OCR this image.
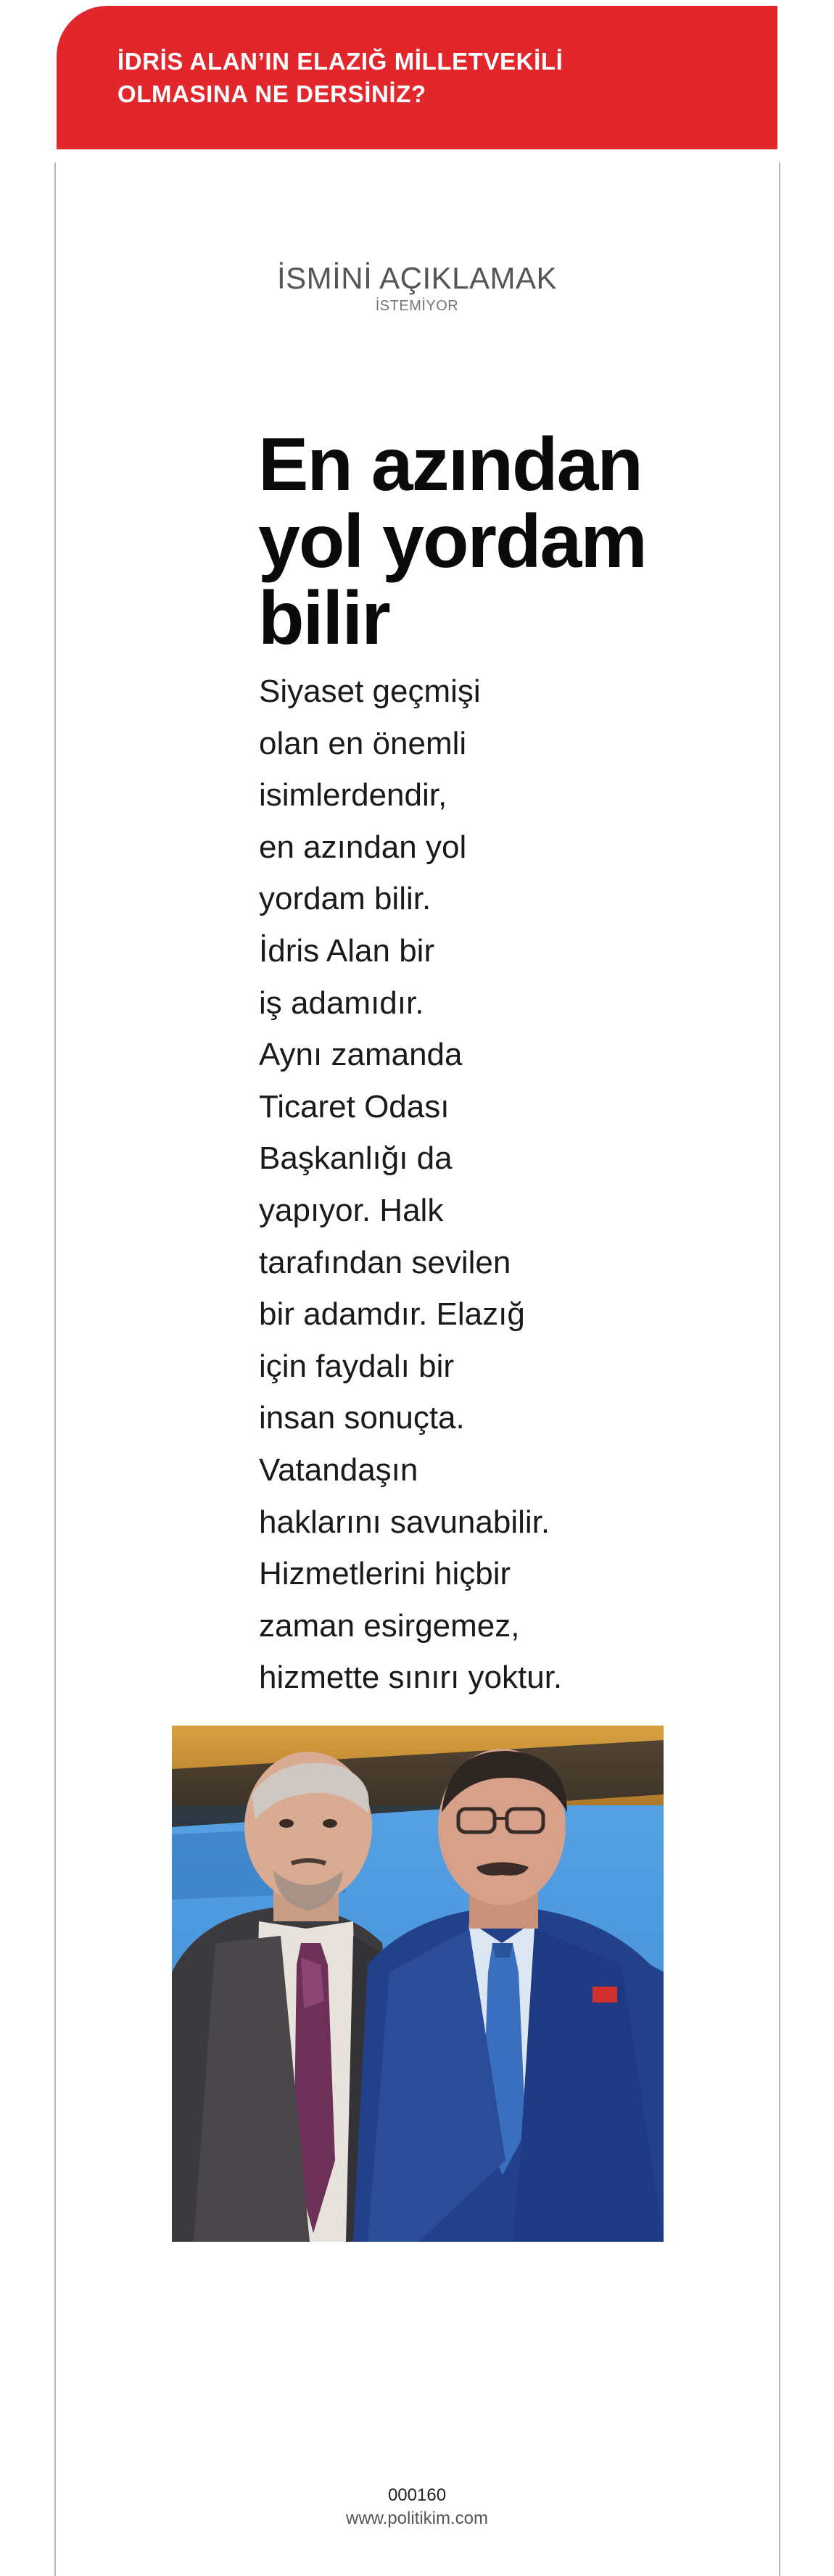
İDRİS ALAN’IN ELAZIĞ MİLLETVEKİLİ
OLMASINA NE DERSİNİZ?
İSMİNİ AÇIKLAMAK
İSTEMİYOR
En azından
yol yordam
bilir
Siyaset geçmişi
olan en önemli
isimlerdendir,
en azından yol
yordam bilir.
İdris Alan bir
iş adamıdır.
Aynı zamanda
Ticaret Odası
Başkanlığı da
yapıyor. Halk
tarafından sevilen
bir adamdır. Elazığ
için faydalı bir
insan sonuçta.
Vatandaşın
haklarını savunabilir.
Hizmetlerini hiçbir
zaman esirgemez,
hizmette sınırı yoktur.
000160
www.politikim.com
